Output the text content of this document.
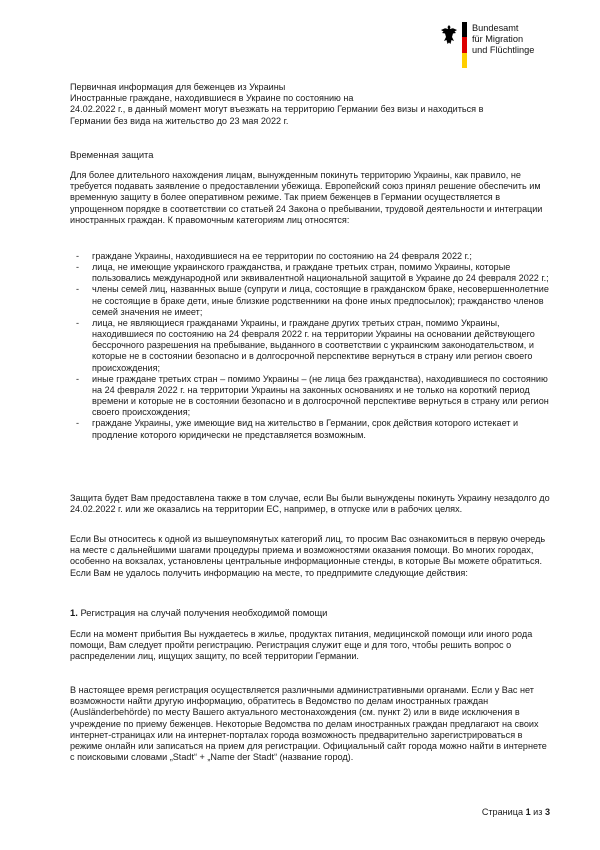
Bundesamt
für Migration
und Flüchtlinge

Первичная информация для беженцев из Украины
Иностранные граждане, находившиеся в Украине по состоянию на
24.02.2022 г., в данный момент могут въезжать на территорию Германии без визы и находиться в
Германии без вида на жительство до 23 мая 2022 г.

Временная защита

Для более длительного нахождения лицам, вынужденным покинуть территорию Украины, как правило, не требуется подавать заявление о предоставлении убежища. Европейский союз принял решение обеспечить им временную защиту в более оперативном режиме. Так прием беженцев в Германии осуществляется в упрощенном порядке в соответствии со статьей 24 Закона о пребывании, трудовой деятельности и интеграции иностранных граждан. К правомочным категориям лиц относятся:

- граждане Украины, находившиеся на ее территории по состоянию на 24 февраля 2022 г.;
- лица, не имеющие украинского гражданства, и граждане третьих стран, помимо Украины, которые пользовались международной или эквивалентной национальной защитой в Украине до 24 февраля 2022 г.;
- члены семей лиц, названных выше (супруги и лица, состоящие в гражданском браке, несовершеннолетние не состоящие в браке дети, иные близкие родственники на фоне иных предпосылок); гражданство членов семей значения не имеет;
- лица, не являющиеся гражданами Украины, и граждане других третьих стран, помимо Украины, находившиеся по состоянию на 24 февраля 2022 г. на территории Украины на основании действующего бессрочного разрешения на пребывание, выданного в соответствии с украинским законодательством, и которые не в состоянии безопасно и в долгосрочной перспективе вернуться в страну или регион своего происхождения;
- иные граждане третьих стран – помимо Украины – (не лица без гражданства), находившиеся по состоянию на 24 февраля 2022 г. на территории Украины на законных основаниях и не только на короткий период времени и которые не в состоянии безопасно и в долгосрочной перспективе вернуться в страну или регион своего происхождения;
- граждане Украины, уже имеющие вид на жительство в Германии, срок действия которого истекает и продление которого юридически не представляется возможным.

Защита будет Вам предоставлена также в том случае, если Вы были вынуждены покинуть Украину незадолго до 24.02.2022 г. или же оказались на территории ЕС, например, в отпуске или в рабочих целях.

Если Вы относитесь к одной из вышеупомянутых категорий лиц, то просим Вас ознакомиться в первую очередь на месте с дальнейшими шагами процедуры приема и возможностями оказания помощи. Во многих городах, особенно на вокзалах, установлены центральные информационные стенды, в которые Вы можете обратиться. Если Вам не удалось получить информацию на месте, то предпримите следующие действия:

1. Регистрация на случай получения необходимой помощи

Если на момент прибытия Вы нуждаетесь в жилье, продуктах питания, медицинской помощи или иного рода помощи, Вам следует пройти регистрацию. Регистрация служит еще и для того, чтобы решить вопрос о распределении лиц, ищущих защиту, по всей территории Германии.

В настоящее время регистрация осуществляется различными административными органами. Если у Вас нет возможности найти другую информацию, обратитесь в Ведомство по делам иностранных граждан (Ausländerbehörde) по месту Вашего актуального местонахождения (см. пункт 2) или в виде исключения в учреждение по приему беженцев. Некоторые Ведомства по делам иностранных граждан предлагают на своих интернет-страницах или на интернет-порталах города возможность предварительно зарегистрироваться в режиме онлайн или записаться на прием для регистрации. Официальный сайт города можно найти в интернете с поисковыми словами „Stadt“ + „Name der Stadt“ (название город).

Страница 1 из 3
